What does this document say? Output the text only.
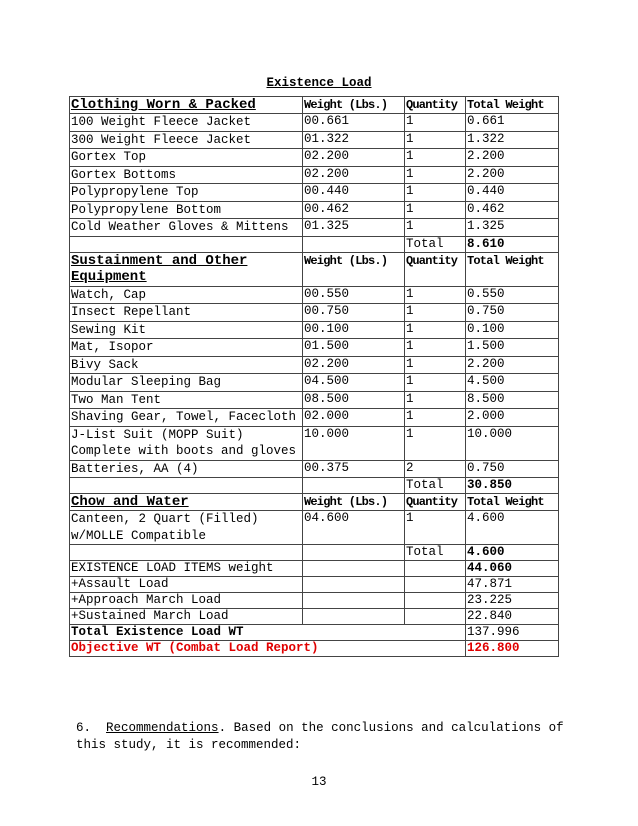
Existence Load
Clothing Worn & Packed	Weight (Lbs.)	Quantity	Total Weight
100 Weight Fleece Jacket	00.661	1	0.661
300 Weight Fleece Jacket	01.322	1	1.322
Gortex Top	02.200	1	2.200
Gortex Bottoms	02.200	1	2.200
Polypropylene Top	00.440	1	0.440
Polypropylene Bottom	00.462	1	0.462
Cold Weather Gloves & Mittens	01.325	1	1.325
		Total	8.610
Sustainment and Other Equipment	Weight (Lbs.)	Quantity	Total Weight
Watch, Cap	00.550	1	0.550
Insect Repellant	00.750	1	0.750
Sewing Kit	00.100	1	0.100
Mat, Isopor	01.500	1	1.500
Bivy Sack	02.200	1	2.200
Modular Sleeping Bag	04.500	1	4.500
Two Man Tent	08.500	1	8.500
Shaving Gear, Towel, Facecloth	02.000	1	2.000
J-List Suit (MOPP Suit) Complete with boots and gloves	10.000	1	10.000
Batteries, AA (4)	00.375	2	0.750
		Total	30.850
Chow and Water	Weight (Lbs.)	Quantity	Total Weight
Canteen, 2 Quart (Filled) w/MOLLE Compatible	04.600	1	4.600
		Total	4.600
EXISTENCE LOAD ITEMS weight			44.060
+Assault Load			47.871
+Approach March Load			23.225
+Sustained March Load			22.840
Total Existence Load WT			137.996
Objective WT (Combat Load Report)			126.800
6. Recommendations. Based on the conclusions and calculations of this study, it is recommended:
13
